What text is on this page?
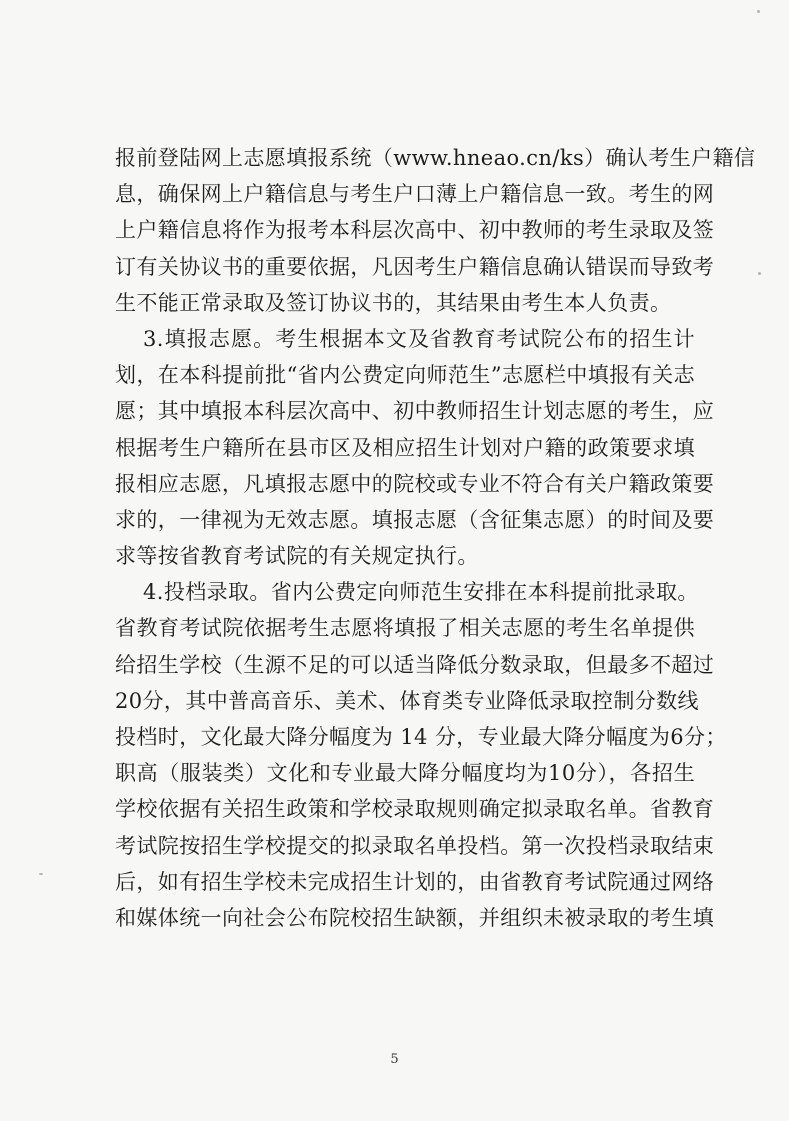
报前登陆网上志愿填报系统（www.hneao.cn/ks）确认考生户籍信
息，确保网上户籍信息与考生户口薄上户籍信息一致。考生的网
上户籍信息将作为报考本科层次高中、初中教师的考生录取及签
订有关协议书的重要依据，凡因考生户籍信息确认错误而导致考
生不能正常录取及签订协议书的，其结果由考生本人负责。
3.填报志愿。考生根据本文及省教育考试院公布的招生计
划，在本科提前批“省内公费定向师范生”志愿栏中填报有关志
愿；其中填报本科层次高中、初中教师招生计划志愿的考生，应
根据考生户籍所在县市区及相应招生计划对户籍的政策要求填
报相应志愿，凡填报志愿中的院校或专业不符合有关户籍政策要
求的，一律视为无效志愿。填报志愿（含征集志愿）的时间及要
求等按省教育考试院的有关规定执行。
4.投档录取。省内公费定向师范生安排在本科提前批录取。
省教育考试院依据考生志愿将填报了相关志愿的考生名单提供
给招生学校（生源不足的可以适当降低分数录取，但最多不超过
20分，其中普高音乐、美术、体育类专业降低录取控制分数线
投档时，文化最大降分幅度为 14 分，专业最大降分幅度为6分；
职高（服装类）文化和专业最大降分幅度均为10分），各招生
学校依据有关招生政策和学校录取规则确定拟录取名单。省教育
考试院按招生学校提交的拟录取名单投档。第一次投档录取结束
后，如有招生学校未完成招生计划的，由省教育考试院通过网络
和媒体统一向社会公布院校招生缺额，并组织未被录取的考生填
5
